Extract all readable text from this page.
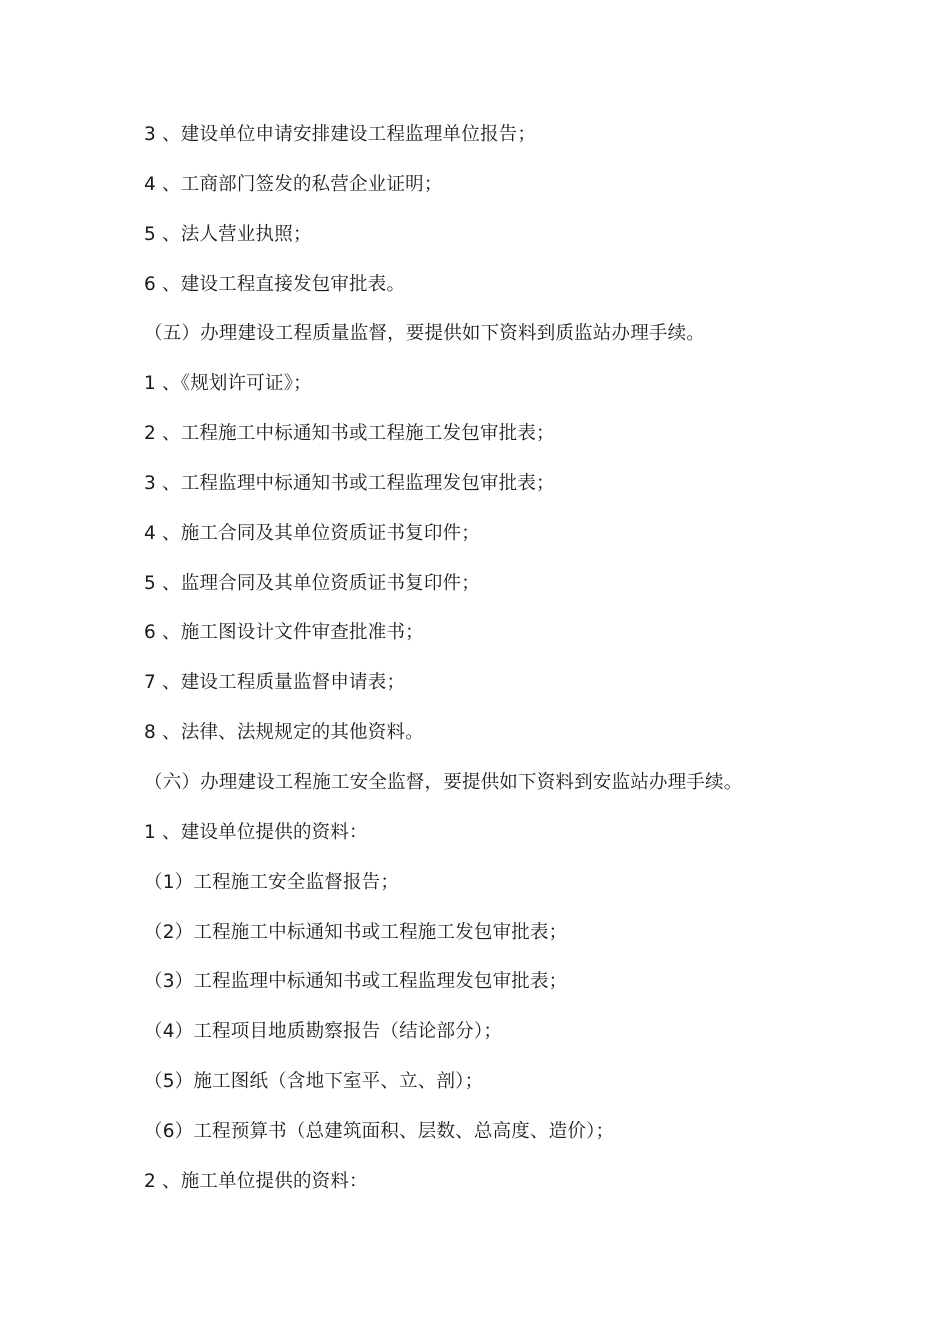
3 、建设单位申请安排建设工程监理单位报告；
4 、工商部门签发的私营企业证明；
5 、法人营业执照；
6 、建设工程直接发包审批表。
（五）办理建设工程质量监督，要提供如下资料到质监站办理手续。
1 、《规划许可证》；
2 、工程施工中标通知书或工程施工发包审批表；
3 、工程监理中标通知书或工程监理发包审批表；
4 、施工合同及其单位资质证书复印件；
5 、监理合同及其单位资质证书复印件；
6 、施工图设计文件审查批准书；
7 、建设工程质量监督申请表；
8 、法律、法规规定的其他资料。
（六）办理建设工程施工安全监督，要提供如下资料到安监站办理手续。
1 、建设单位提供的资料：
（1）工程施工安全监督报告；
（2）工程施工中标通知书或工程施工发包审批表；
（3）工程监理中标通知书或工程监理发包审批表；
（4）工程项目地质勘察报告（结论部分）；
（5）施工图纸（含地下室平、立、剖）；
（6）工程预算书（总建筑面积、层数、总高度、造价）；
2 、施工单位提供的资料：
